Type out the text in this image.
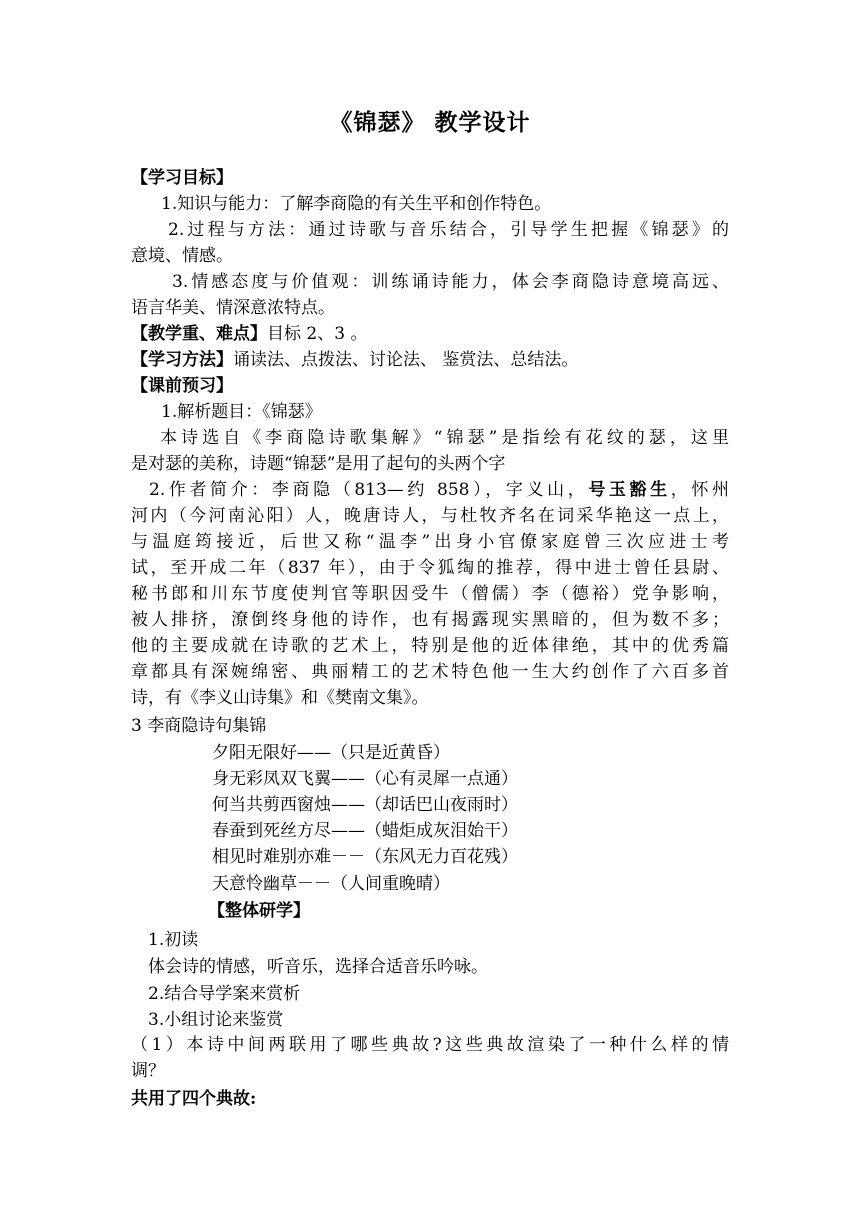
《锦瑟》 教学设计
【学习目标】
1.知识与能力：了解李商隐的有关生平和创作特色。
2.过程与方法：通过诗歌与音乐结合，引导学生把握《锦瑟》的
意境、情感。
3.情感态度与价值观：训练诵诗能力，体会李商隐诗意境高远、
语言华美、情深意浓特点。
【教学重、难点】目标 2、3 。
【学习方法】诵读法、点拨法、讨论法、 鉴赏法、总结法。
【课前预习】
1.解析题目：《锦瑟》
本诗选自《李商隐诗歌集解》“锦瑟”是指绘有花纹的瑟，这里
是对瑟的美称，诗题“锦瑟”是用了起句的头两个字
2.作者简介：李商隐（813—约 858），字义山，号玉豁生，怀州
河内（今河南沁阳）人，晚唐诗人，与杜牧齐名在词采华艳这一点上，
与温庭筠接近，后世又称“温李”出身小官僚家庭曾三次应进士考
试，至开成二年（837 年），由于令狐绹的推荐，得中进士曾任县尉、
秘书郎和川东节度使判官等职因受牛（僧儒）李（德裕）党争影响，
被人排挤，潦倒终身他的诗作，也有揭露现实黑暗的，但为数不多；
他的主要成就在诗歌的艺术上，特别是他的近体律绝，其中的优秀篇
章都具有深婉绵密、典丽精工的艺术特色他一生大约创作了六百多首
诗，有《李义山诗集》和《樊南文集》。
3 李商隐诗句集锦
夕阳无限好——（只是近黄昏）
身无彩凤双飞翼——（心有灵犀一点通）
何当共剪西窗烛——（却话巴山夜雨时）
春蚕到死丝方尽——（蜡炬成灰泪始干）
相见时难别亦难－－（东风无力百花残）
天意怜幽草－－（人间重晚晴）
【整体研学】
1.初读
体会诗的情感，听音乐，选择合适音乐吟咏。
2.结合导学案来赏析
3.小组讨论来鉴赏
（1）本诗中间两联用了哪些典故?这些典故渲染了一种什么样的情
调？
共用了四个典故:
